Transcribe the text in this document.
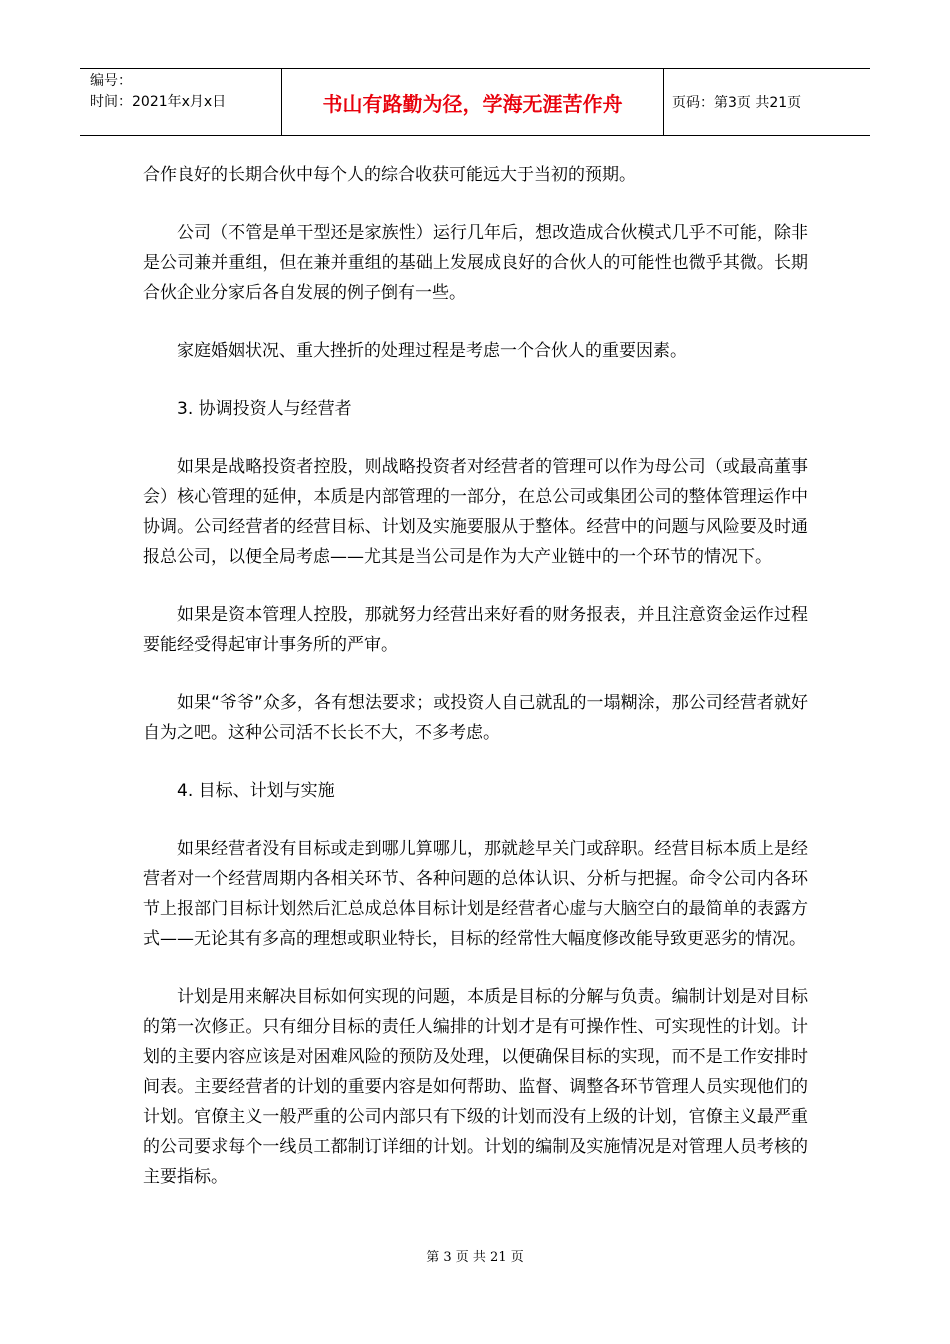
编号：
时间：2021年x月x日	书山有路勤为径，学海无涯苦作舟	页码：第3页 共21页

合作良好的长期合伙中每个人的综合收获可能远大于当初的预期。

公司（不管是单干型还是家族性）运行几年后，想改造成合伙模式几乎不可能，除非是公司兼并重组，但在兼并重组的基础上发展成良好的合伙人的可能性也微乎其微。长期合伙企业分家后各自发展的例子倒有一些。

家庭婚姻状况、重大挫折的处理过程是考虑一个合伙人的重要因素。

3. 协调投资人与经营者

如果是战略投资者控股，则战略投资者对经营者的管理可以作为母公司（或最高董事会）核心管理的延伸，本质是内部管理的一部分，在总公司或集团公司的整体管理运作中协调。公司经营者的经营目标、计划及实施要服从于整体。经营中的问题与风险要及时通报总公司，以便全局考虑——尤其是当公司是作为大产业链中的一个环节的情况下。

如果是资本管理人控股，那就努力经营出来好看的财务报表，并且注意资金运作过程要能经受得起审计事务所的严审。

如果“爷爷”众多，各有想法要求；或投资人自己就乱的一塌糊涂，那公司经营者就好自为之吧。这种公司活不长长不大，不多考虑。

4. 目标、计划与实施

如果经营者没有目标或走到哪儿算哪儿，那就趁早关门或辞职。经营目标本质上是经营者对一个经营周期内各相关环节、各种问题的总体认识、分析与把握。命令公司内各环节上报部门目标计划然后汇总成总体目标计划是经营者心虚与大脑空白的最简单的表露方式——无论其有多高的理想或职业特长，目标的经常性大幅度修改能导致更恶劣的情况。

计划是用来解决目标如何实现的问题，本质是目标的分解与负责。编制计划是对目标的第一次修正。只有细分目标的责任人编排的计划才是有可操作性、可实现性的计划。计划的主要内容应该是对困难风险的预防及处理，以便确保目标的实现，而不是工作安排时间表。主要经营者的计划的重要内容是如何帮助、监督、调整各环节管理人员实现他们的计划。官僚主义一般严重的公司内部只有下级的计划而没有上级的计划，官僚主义最严重的公司要求每个一线员工都制订详细的计划。计划的编制及实施情况是对管理人员考核的主要指标。

第 3 页 共 21 页
